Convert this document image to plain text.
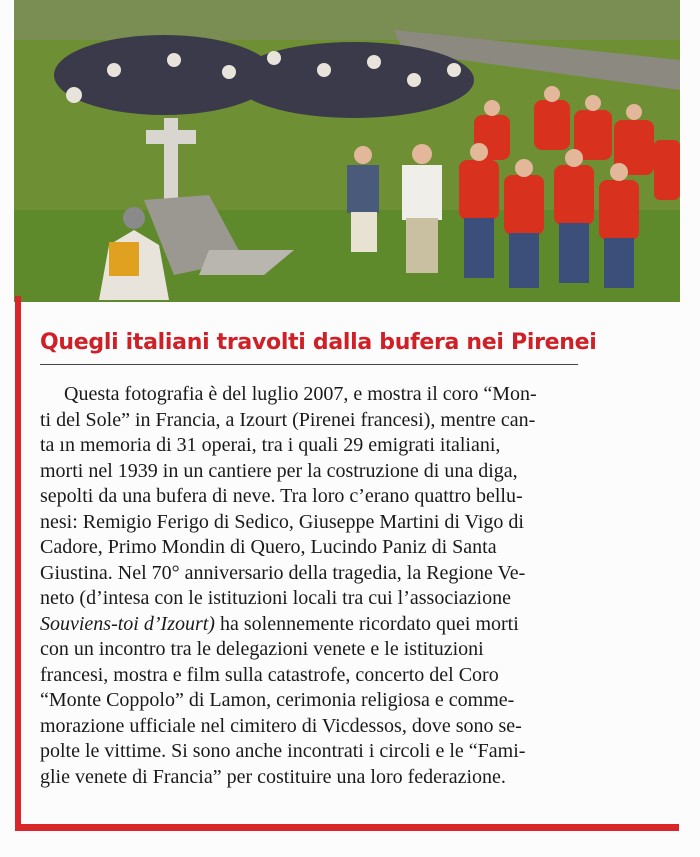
Quegli italiani travolti dalla bufera nei Pirenei
Questa fotografia è del luglio 2007, e mostra il coro “Mon-
ti del Sole” in Francia, a Izourt (Pirenei francesi), mentre can-
ta ın memoria di 31 operai, tra i quali 29 emigrati italiani,
morti nel 1939 in un cantiere per la costruzione di una diga,
sepolti da una bufera di neve. Tra loro c’erano quattro bellu-
nesi: Remigio Ferigo di Sedico, Giuseppe Martini di Vigo di
Cadore, Primo Mondin di Quero, Lucindo Paniz di Santa
Giustina. Nel 70° anniversario della tragedia, la Regione Ve-
neto (d’intesa con le istituzioni locali tra cui l’associazione
Souviens-toi d’Izourt) ha solennemente ricordato quei morti
con un incontro tra le delegazioni venete e le istituzioni
francesi, mostra e film sulla catastrofe, concerto del Coro
“Monte Coppolo” di Lamon, cerimonia religiosa e comme-
morazione ufficiale nel cimitero di Vicdessos, dove sono se-
polte le vittime. Si sono anche incontrati i circoli e le “Fami-
glie venete di Francia” per costituire una loro federazione.
